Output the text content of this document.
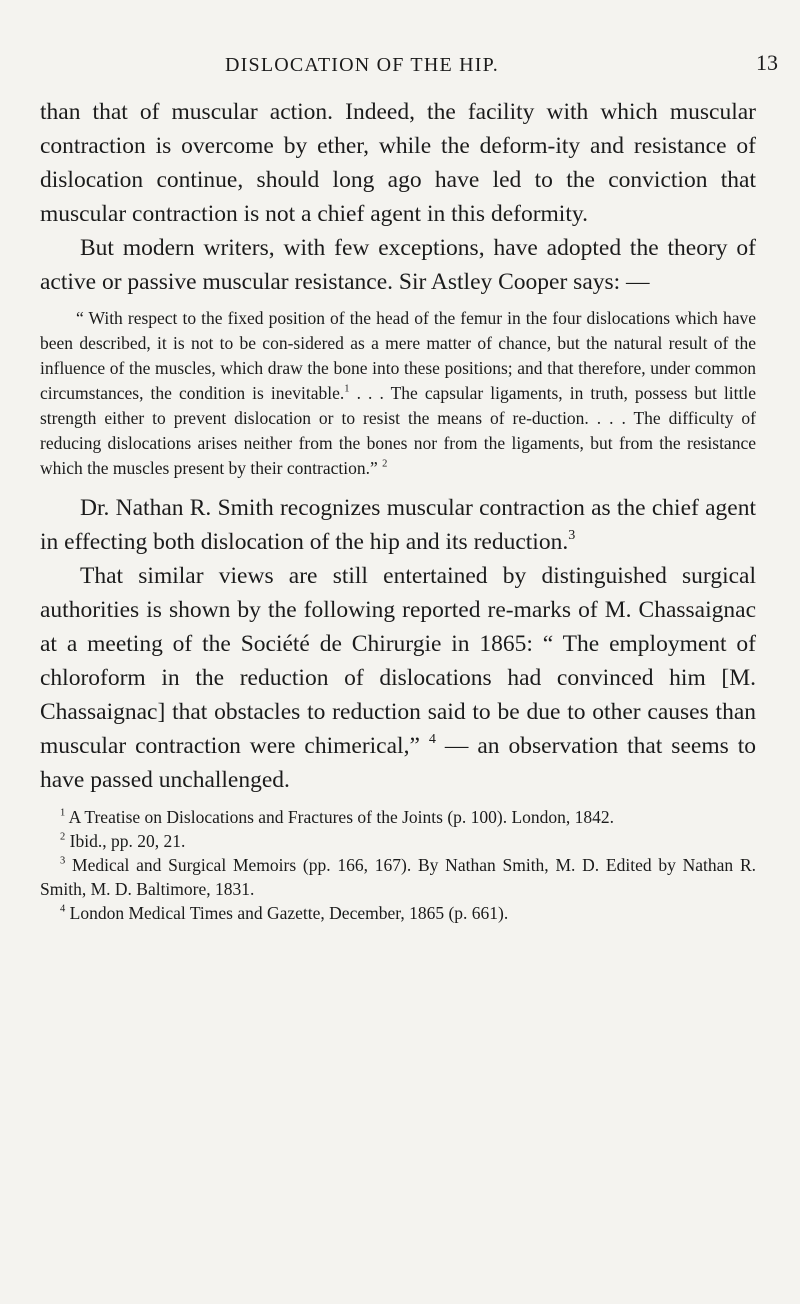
DISLOCATION OF THE HIP.	13

than that of muscular action. Indeed, the facility with which muscular contraction is overcome by ether, while the deform-ity and resistance of dislocation continue, should long ago have led to the conviction that muscular contraction is not a chief agent in this deformity.

But modern writers, with few exceptions, have adopted the theory of active or passive muscular resistance. Sir Astley Cooper says: —

“ With respect to the fixed position of the head of the femur in the four dislocations which have been described, it is not to be con-sidered as a mere matter of chance, but the natural result of the influence of the muscles, which draw the bone into these positions; and that therefore, under common circumstances, the condition is inevitable.$^1$ . . . The capsular ligaments, in truth, possess but little strength either to prevent dislocation or to resist the means of re-duction. . . . The difficulty of reducing dislocations arises neither from the bones nor from the ligaments, but from the resistance which the muscles present by their contraction.” $^2$

Dr. Nathan R. Smith recognizes muscular contraction as the chief agent in effecting both dislocation of the hip and its reduction.$^3$

That similar views are still entertained by distinguished surgical authorities is shown by the following reported re-marks of M. Chassaignac at a meeting of the Société de Chirurgie in 1865: “ The employment of chloroform in the reduction of dislocations had convinced him [M. Chassaignac] that obstacles to reduction said to be due to other causes than muscular contraction were chimerical,” $^4$ — an observation that seems to have passed unchallenged.

$^1$ A Treatise on Dislocations and Fractures of the Joints (p. 100). London, 1842.

$^2$ Ibid., pp. 20, 21.

$^3$ Medical and Surgical Memoirs (pp. 166, 167). By Nathan Smith, M. D. Edited by Nathan R. Smith, M. D. Baltimore, 1831.

$^4$ London Medical Times and Gazette, December, 1865 (p. 661).
